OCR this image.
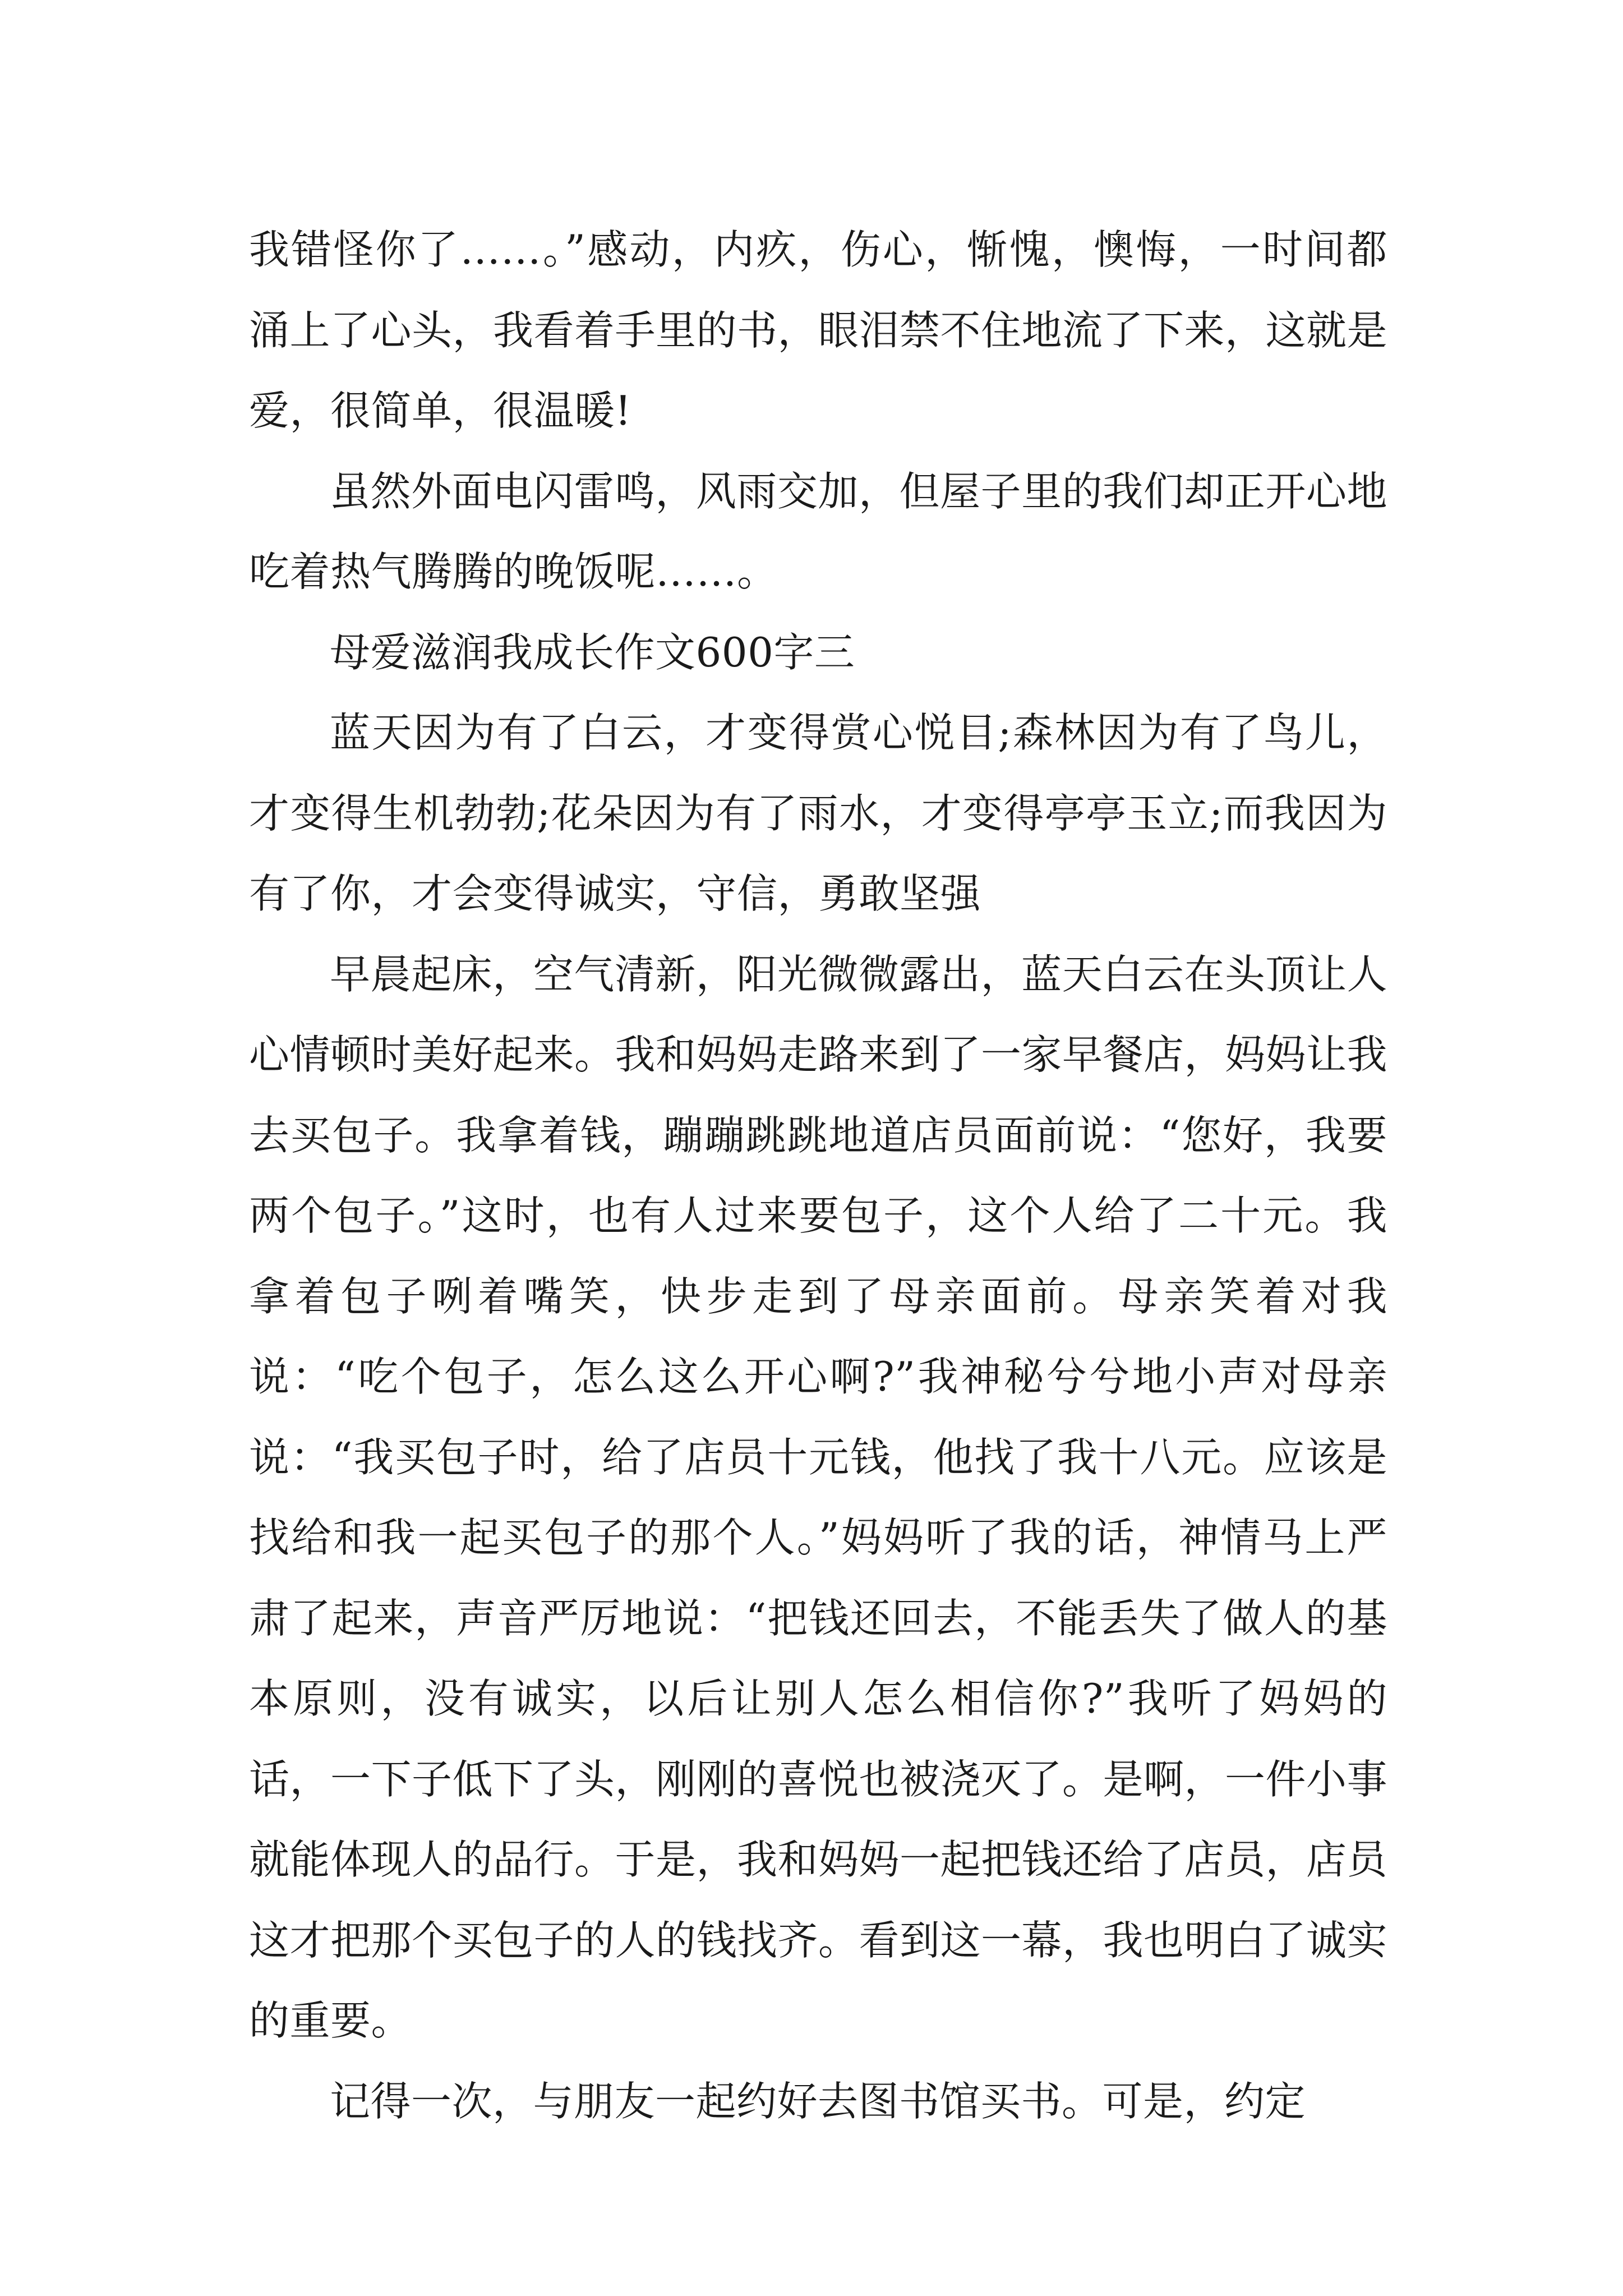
我错怪你了……。”感动，内疚，伤心，惭愧，懊悔，一时间都涌上了心头，我看着手里的书，眼泪禁不住地流了下来，这就是爱，很简单，很温暖!

虽然外面电闪雷鸣，风雨交加，但屋子里的我们却正开心地吃着热气腾腾的晚饭呢……。

母爱滋润我成长作文600字三

蓝天因为有了白云，才变得赏心悦目;森林因为有了鸟儿，才变得生机勃勃;花朵因为有了雨水，才变得亭亭玉立;而我因为有了你，才会变得诚实，守信，勇敢坚强

早晨起床，空气清新，阳光微微露出，蓝天白云在头顶让人心情顿时美好起来。我和妈妈走路来到了一家早餐店，妈妈让我去买包子。我拿着钱，蹦蹦跳跳地道店员面前说：“您好，我要两个包子。”这时，也有人过来要包子，这个人给了二十元。我拿着包子咧着嘴笑，快步走到了母亲面前。母亲笑着对我说：“吃个包子，怎么这么开心啊?”我神秘兮兮地小声对母亲说：“我买包子时，给了店员十元钱，他找了我十八元。应该是找给和我一起买包子的那个人。”妈妈听了我的话，神情马上严肃了起来，声音严厉地说：“把钱还回去，不能丢失了做人的基本原则，没有诚实，以后让别人怎么相信你?”我听了妈妈的话，一下子低下了头，刚刚的喜悦也被浇灭了。是啊，一件小事就能体现人的品行。于是，我和妈妈一起把钱还给了店员，店员这才把那个买包子的人的钱找齐。看到这一幕，我也明白了诚实的重要。

记得一次，与朋友一起约好去图书馆买书。可是，约定
